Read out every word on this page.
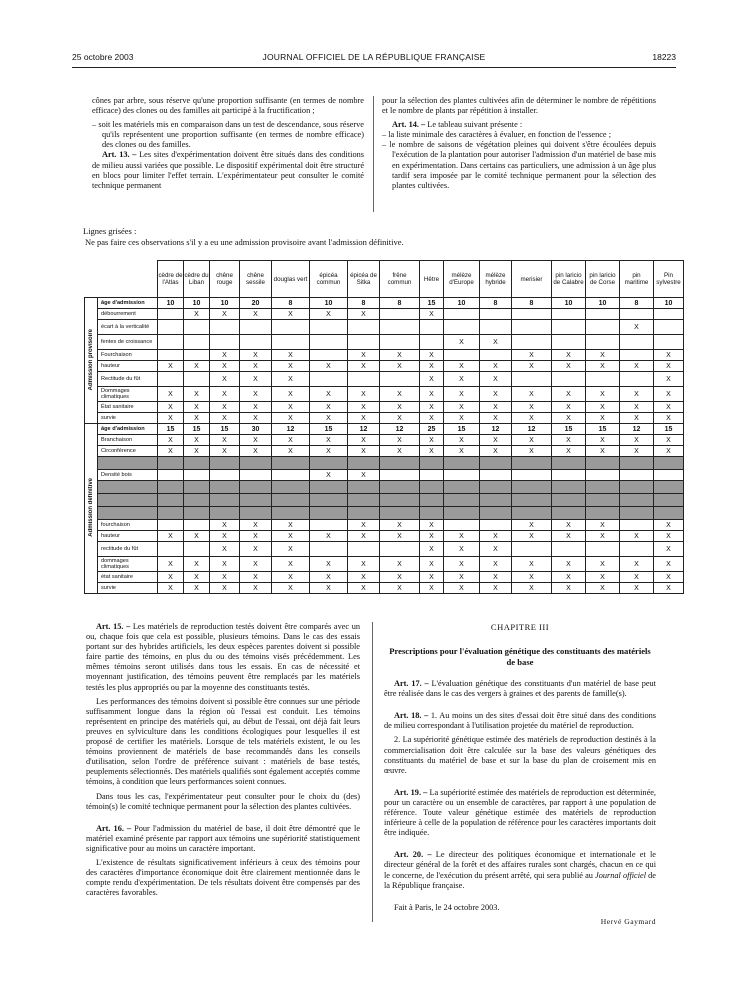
25 octobre 2003	JOURNAL OFFICIEL DE LA RÉPUBLIQUE FRANÇAISE	18223

cônes par arbre, sous réserve qu'une proportion suffisante (en termes de nombre efficace) des clones ou des familles ait participé à la fructification ;

– soit les matériels mis en comparaison dans un test de descendance, sous réserve qu'ils représentent une proportion suffisante (en termes de nombre efficace) des clones ou des familles.

Art. 13. – Les sites d'expérimentation doivent être situés dans des conditions de milieu aussi variées que possible. Le dispositif expérimental doit être structuré en blocs pour limiter l'effet terrain. L'expérimentateur peut consulter le comité technique permanent

pour la sélection des plantes cultivées afin de déterminer le nombre de répétitions et le nombre de plants par répétition à installer.

Art. 14. – Le tableau suivant présente :

– la liste minimale des caractères à évaluer, en fonction de l'essence ;

– le nombre de saisons de végétation pleines qui doivent s'être écoulées depuis l'exécution de la plantation pour autoriser l'admission d'un matériel de base mis en expérimentation. Dans certains cas particuliers, une admission à un âge plus tardif sera imposée par le comité technique permanent pour la sélection des plantes cultivées.

Lignes grisées :
Ne pas faire ces observations s'il y a eu une admission provisoire avant l'admission définitive.
		cèdre de l'Atlas	cèdre du Liban	chêne rouge	chêne sessile	douglas vert	épicéa commun	épicéa de Sitka	frêne commun	Hêtre	mélèze d'Europe	mélèze hybride	merisier	pin laricio de Calabre	pin laricio de Corse	pin maritime	Pin sylvestre
Admission provisoire	âge d'admission	10	10	10	20	8	10	8	8	15	10	8	8	10	10	8	10
	débourrement		X	X	X	X	X	X		X							
	écart à la verticalité															X	
	fentes de croissance										X	X					
	Fourchaison			X	X	X		X	X	X			X	X	X		X
	hauteur	X	X	X	X	X	X	X	X	X	X	X	X	X	X	X	X
	Rectitude du fût			X	X	X				X	X	X					X
	Dommages climatiques	X	X	X	X	X	X	X	X	X	X	X	X	X	X	X	X
	État sanitaire	X	X	X	X	X	X	X	X	X	X	X	X	X	X	X	X
	survie	X	X	X	X	X	X	X	X	X	X	X	X	X	X	X	X
Admission définitive	âge d'admission	15	15	15	30	12	15	12	12	25	15	12	12	15	15	12	15
	Branchaison	X	X	X	X	X	X	X	X	X	X	X	X	X	X	X	X
	Circonférence	X	X	X	X	X	X	X	X	X	X	X	X	X	X	X	X

	Densité bois						X	X									

	fourchaison			X	X	X		X	X	X			X	X	X		X
	hauteur	X	X	X	X	X	X	X	X	X	X	X	X	X	X	X	X
	rectitude du fût			X	X	X				X	X	X					X
	dommages climatiques	X	X	X	X	X	X	X	X	X	X	X	X	X	X	X	X
	état sanitaire	X	X	X	X	X	X	X	X	X	X	X	X	X	X	X	X
	survie	X	X	X	X	X	X	X	X	X	X	X	X	X	X	X	X

Art. 15. – Les matériels de reproduction testés doivent être comparés avec un ou, chaque fois que cela est possible, plusieurs témoins. Dans le cas des essais portant sur des hybrides artificiels, les deux espèces parentes doivent si possible faire partie des témoins, en plus du ou des témoins visés précédemment. Les mêmes témoins seront utilisés dans tous les essais. En cas de nécessité et moyennant justification, des témoins peuvent être remplacés par les matériels testés les plus appropriés ou par la moyenne des constituants testés.

Les performances des témoins doivent si possible être connues sur une période suffisamment longue dans la région où l'essai est conduit. Les témoins représentent en principe des matériels qui, au début de l'essai, ont déjà fait leurs preuves en sylviculture dans les conditions écologiques pour lesquelles il est proposé de certifier les matériels. Lorsque de tels matériels existent, le ou les témoins proviennent de matériels de base recommandés dans les conseils d'utilisation, selon l'ordre de préférence suivant : matériels de base testés, peuplements sélectionnés. Des matériels qualifiés sont également acceptés comme témoins, à condition que leurs performances soient connues.

Dans tous les cas, l'expérimentateur peut consulter pour le choix du (des) témoin(s) le comité technique permanent pour la sélection des plantes cultivées.

Art. 16. – Pour l'admission du matériel de base, il doit être démontré que le matériel examiné présente par rapport aux témoins une supériorité statistiquement significative pour au moins un caractère important.

L'existence de résultats significativement inférieurs à ceux des témoins pour des caractères d'importance économique doit être clairement mentionnée dans le compte rendu d'expérimentation. De tels résultats doivent être compensés par des caractères favorables.

CHAPITRE III
Prescriptions pour l'évaluation génétique des constituants des matériels de base

Art. 17. – L'évaluation génétique des constituants d'un matériel de base peut être réalisée dans le cas des vergers à graines et des parents de famille(s).

Art. 18. – 1. Au moins un des sites d'essai doit être situé dans des conditions de milieu correspondant à l'utilisation projetée du matériel de reproduction.

2. La supériorité génétique estimée des matériels de reproduction destinés à la commercialisation doit être calculée sur la base des valeurs génétiques des constituants du matériel de base et sur la base du plan de croisement mis en œuvre.

Art. 19. – La supériorité estimée des matériels de reproduction est déterminée, pour un caractère ou un ensemble de caractères, par rapport à une population de référence. Toute valeur génétique estimée des matériels de reproduction inférieure à celle de la population de référence pour les caractères importants doit être indiquée.

Art. 20. – Le directeur des politiques économique et internationale et le directeur général de la forêt et des affaires rurales sont chargés, chacun en ce qui le concerne, de l'exécution du présent arrêté, qui sera publié au Journal officiel de la République française.

Fait à Paris, le 24 octobre 2003.

Hervé Gaymard
